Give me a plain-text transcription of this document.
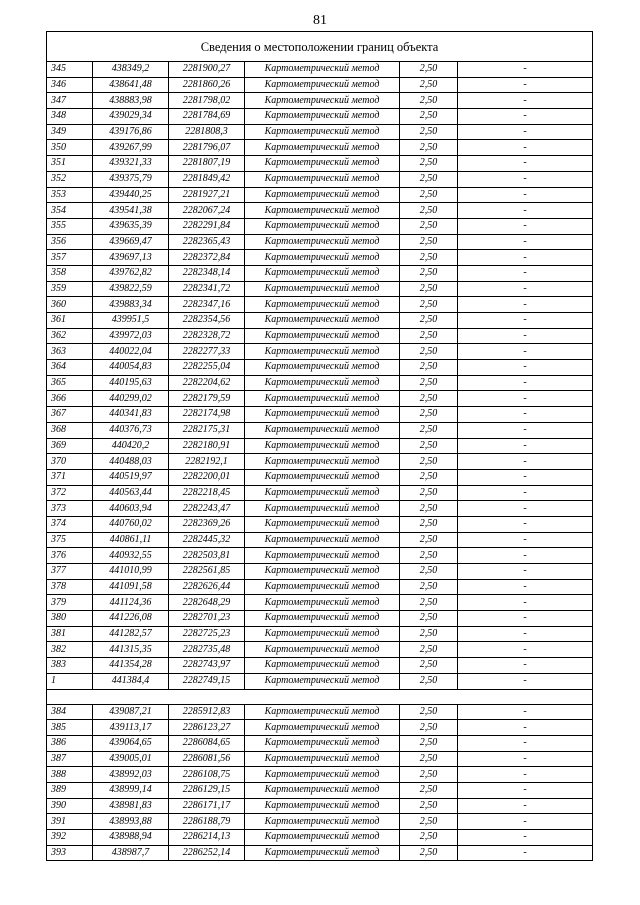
81
Сведения о местоположении границ объекта					
345	438349,2	2281900,27	Картометрический метод	2,50	-
346	438641,48	2281860,26	Картометрический метод	2,50	-
347	438883,98	2281798,02	Картометрический метод	2,50	-
348	439029,34	2281784,69	Картометрический метод	2,50	-
349	439176,86	2281808,3	Картометрический метод	2,50	-
350	439267,99	2281796,07	Картометрический метод	2,50	-
351	439321,33	2281807,19	Картометрический метод	2,50	-
352	439375,79	2281849,42	Картометрический метод	2,50	-
353	439440,25	2281927,21	Картометрический метод	2,50	-
354	439541,38	2282067,24	Картометрический метод	2,50	-
355	439635,39	2282291,84	Картометрический метод	2,50	-
356	439669,47	2282365,43	Картометрический метод	2,50	-
357	439697,13	2282372,84	Картометрический метод	2,50	-
358	439762,82	2282348,14	Картометрический метод	2,50	-
359	439822,59	2282341,72	Картометрический метод	2,50	-
360	439883,34	2282347,16	Картометрический метод	2,50	-
361	439951,5	2282354,56	Картометрический метод	2,50	-
362	439972,03	2282328,72	Картометрический метод	2,50	-
363	440022,04	2282277,33	Картометрический метод	2,50	-
364	440054,83	2282255,04	Картометрический метод	2,50	-
365	440195,63	2282204,62	Картометрический метод	2,50	-
366	440299,02	2282179,59	Картометрический метод	2,50	-
367	440341,83	2282174,98	Картометрический метод	2,50	-
368	440376,73	2282175,31	Картометрический метод	2,50	-
369	440420,2	2282180,91	Картометрический метод	2,50	-
370	440488,03	2282192,1	Картометрический метод	2,50	-
371	440519,97	2282200,01	Картометрический метод	2,50	-
372	440563,44	2282218,45	Картометрический метод	2,50	-
373	440603,94	2282243,47	Картометрический метод	2,50	-
374	440760,02	2282369,26	Картометрический метод	2,50	-
375	440861,11	2282445,32	Картометрический метод	2,50	-
376	440932,55	2282503,81	Картометрический метод	2,50	-
377	441010,99	2282561,85	Картометрический метод	2,50	-
378	441091,58	2282626,44	Картометрический метод	2,50	-
379	441124,36	2282648,29	Картометрический метод	2,50	-
380	441226,08	2282701,23	Картометрический метод	2,50	-
381	441282,57	2282725,23	Картометрический метод	2,50	-
382	441315,35	2282735,48	Картометрический метод	2,50	-
383	441354,28	2282743,97	Картометрический метод	2,50	-
1	441384,4	2282749,15	Картометрический метод	2,50	-

384	439087,21	2285912,83	Картометрический метод	2,50	-
385	439113,17	2286123,27	Картометрический метод	2,50	-
386	439064,65	2286084,65	Картометрический метод	2,50	-
387	439005,01	2286081,56	Картометрический метод	2,50	-
388	438992,03	2286108,75	Картометрический метод	2,50	-
389	438999,14	2286129,15	Картометрический метод	2,50	-
390	438981,83	2286171,17	Картометрический метод	2,50	-
391	438993,88	2286188,79	Картометрический метод	2,50	-
392	438988,94	2286214,13	Картометрический метод	2,50	-
393	438987,7	2286252,14	Картометрический метод	2,50	-
